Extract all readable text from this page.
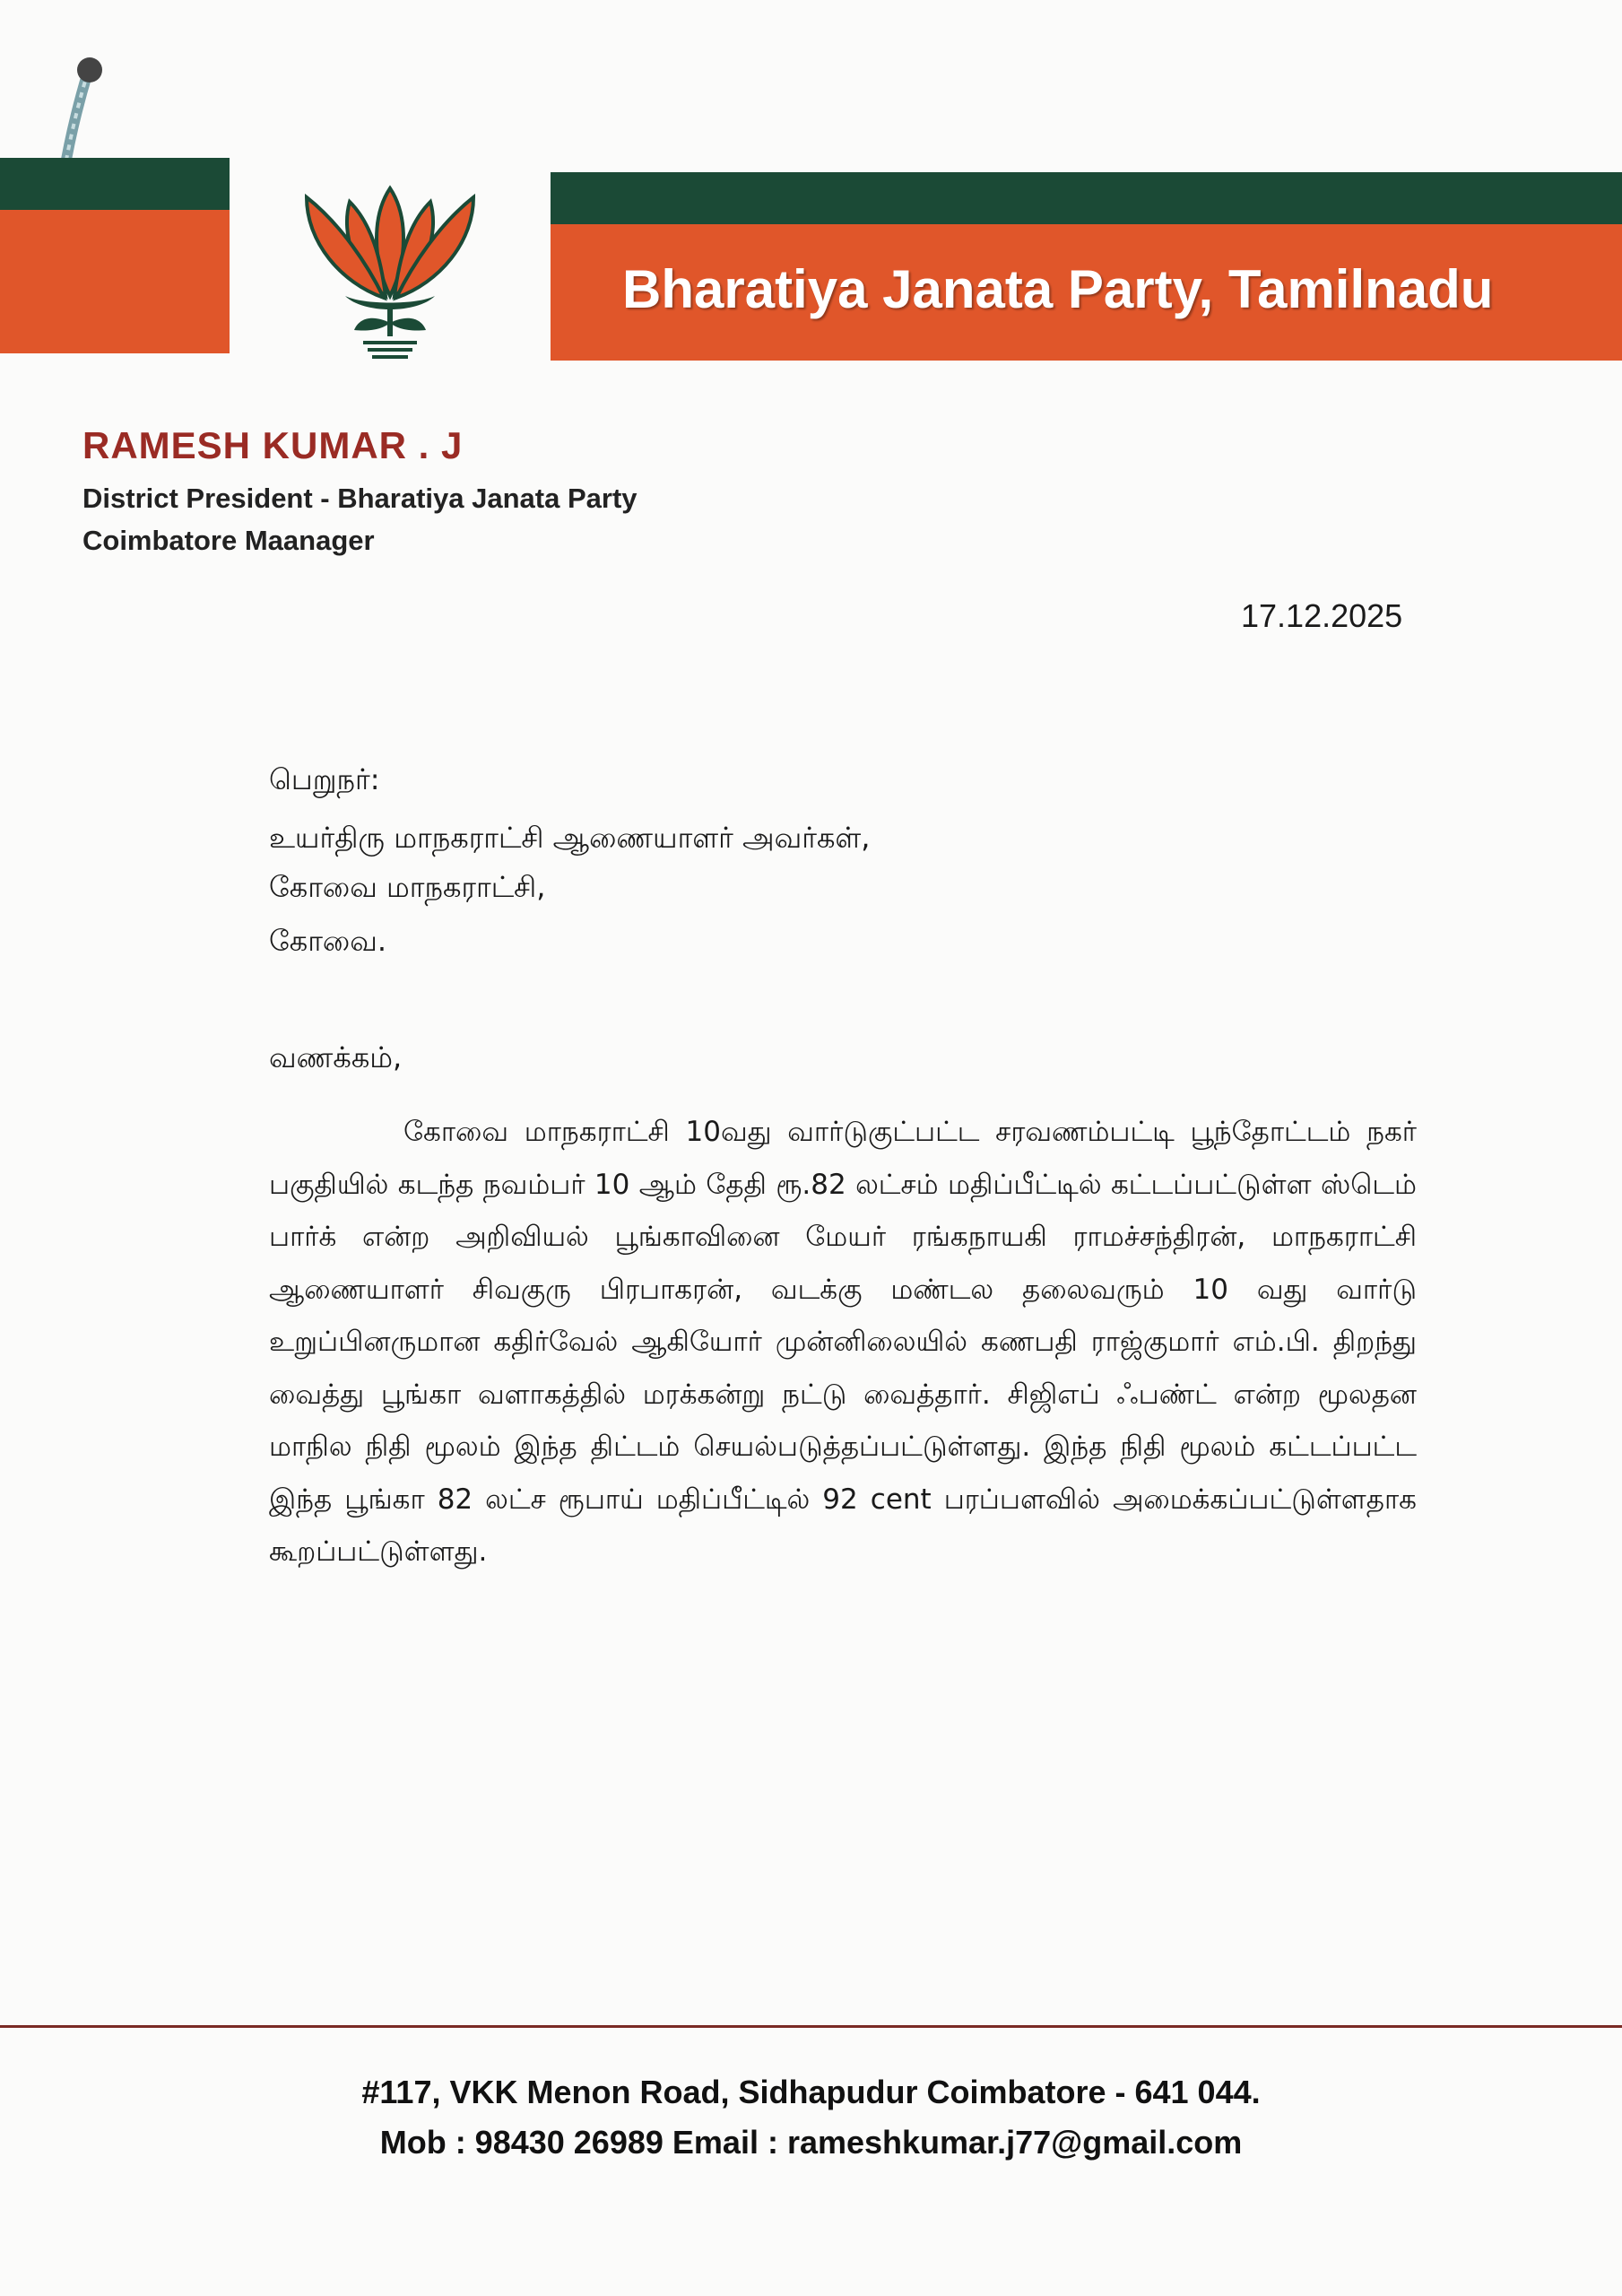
Bharatiya Janata Party, Tamilnadu
RAMESH KUMAR . J
District President - Bharatiya Janata Party
Coimbatore Maanager
17.12.2025
பெறுநர்:
உயர்திரு மாநகராட்சி ஆணையாளர் அவர்கள்,
கோவை மாநகராட்சி,
கோவை.
வணக்கம்,

கோவை மாநகராட்சி 10வது வார்டுகுட்பட்ட சரவணம்பட்டி பூந்தோட்டம் நகர் பகுதியில் கடந்த நவம்பர் 10 ஆம் தேதி ரூ.82 லட்சம் மதிப்பீட்டில் கட்டப்பட்டுள்ள ஸ்டெம் பார்க் என்ற அறிவியல் பூங்காவினை மேயர் ரங்கநாயகி ராமச்சந்திரன், மாநகராட்சி ஆணையாளர் சிவகுரு பிரபாகரன், வடக்கு மண்டல தலைவரும் 10 வது வார்டு உறுப்பினருமான கதிர்வேல் ஆகியோர் முன்னிலையில் கணபதி ராஜ்குமார் எம்.பி. திறந்து வைத்து பூங்கா வளாகத்தில் மரக்கன்று நட்டு வைத்தார். சிஜிஎப் ஃபண்ட் என்ற மூலதன மாநில நிதி மூலம் இந்த திட்டம் செயல்படுத்தப்பட்டுள்ளது. இந்த நிதி மூலம் கட்டப்பட்ட இந்த பூங்கா 82 லட்ச ரூபாய் மதிப்பீட்டில் 92 cent பரப்பளவில் அமைக்கப்பட்டுள்ளதாக கூறப்பட்டுள்ளது.

#117, VKK Menon Road, Sidhapudur Coimbatore - 641 044.
Mob : 98430 26989 Email : rameshkumar.j77@gmail.com
